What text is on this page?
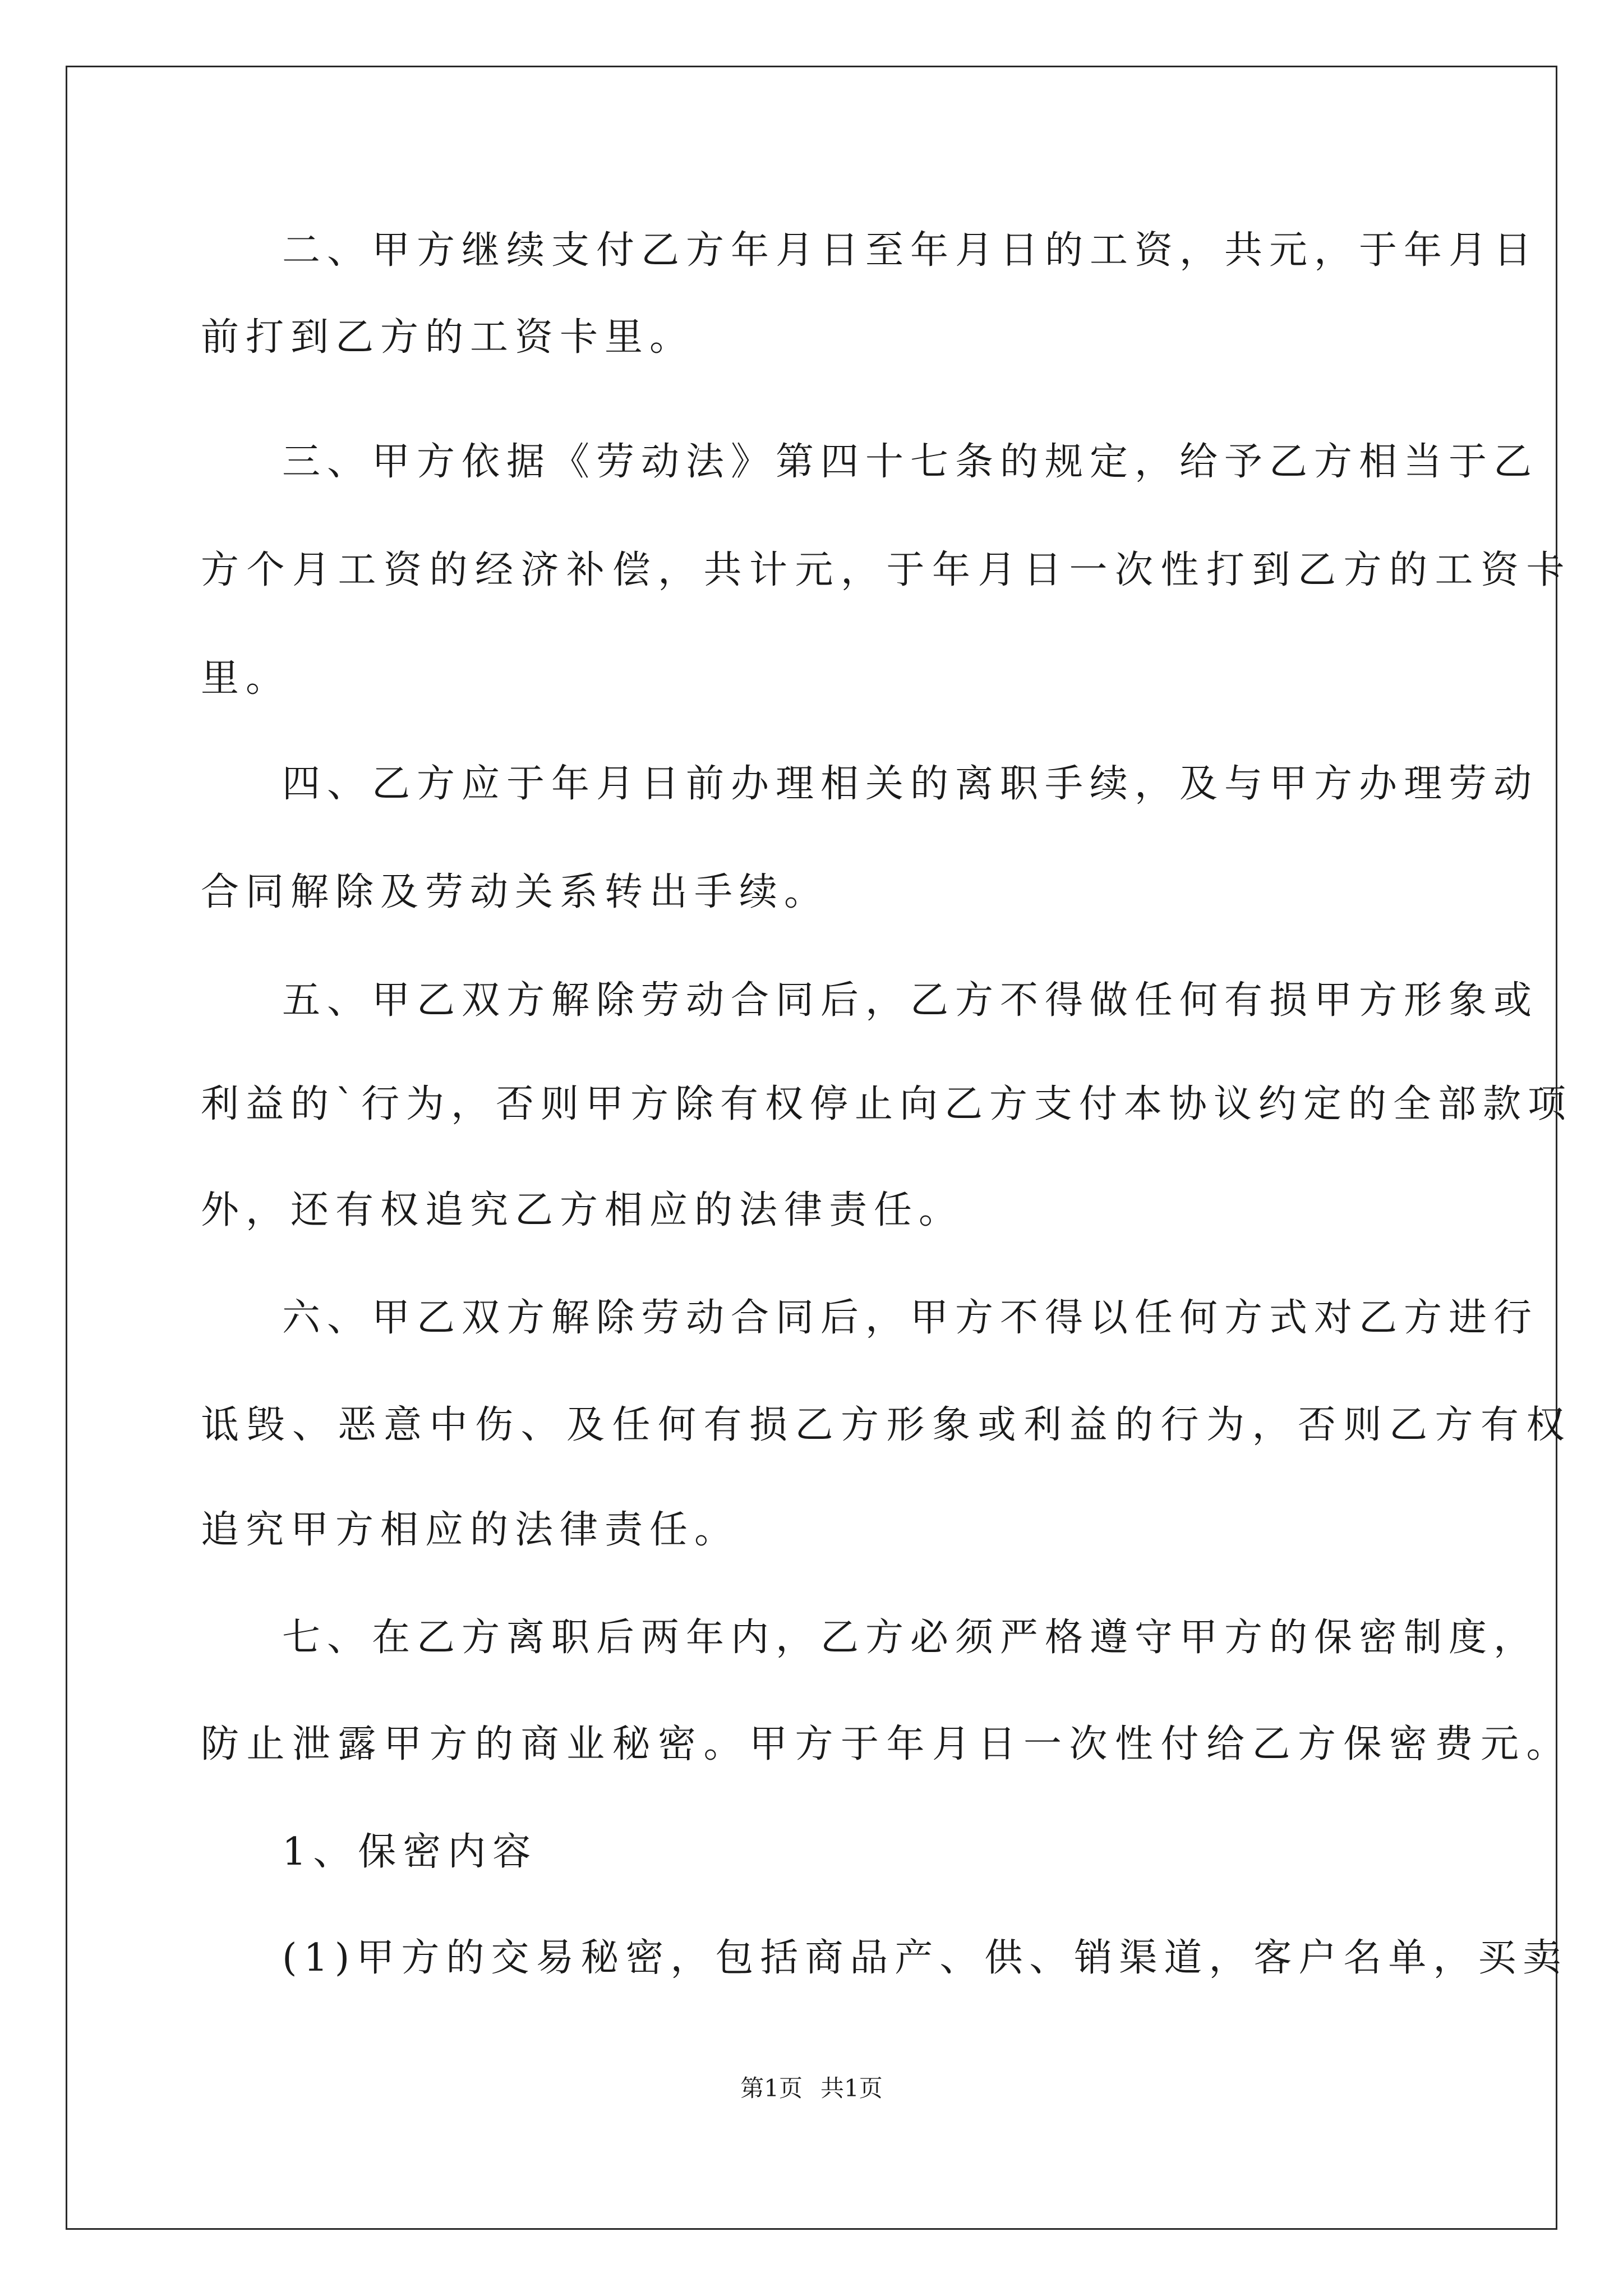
二、甲方继续支付乙方年月日至年月日的工资，共元，于年月日
前打到乙方的工资卡里。
三、甲方依据《劳动法》第四十七条的规定，给予乙方相当于乙
方个月工资的经济补偿，共计元，于年月日一次性打到乙方的工资卡
里。
四、乙方应于年月日前办理相关的离职手续，及与甲方办理劳动
合同解除及劳动关系转出手续。
五、甲乙双方解除劳动合同后，乙方不得做任何有损甲方形象或
利益的`行为，否则甲方除有权停止向乙方支付本协议约定的全部款项
外，还有权追究乙方相应的法律责任。
六、甲乙双方解除劳动合同后，甲方不得以任何方式对乙方进行
诋毁、恶意中伤、及任何有损乙方形象或利益的行为，否则乙方有权
追究甲方相应的法律责任。
七、在乙方离职后两年内，乙方必须严格遵守甲方的保密制度，
防止泄露甲方的商业秘密。甲方于年月日一次性付给乙方保密费元。
1、保密内容
(1)甲方的交易秘密，包括商品产、供、销渠道，客户名单，买卖
第1页 共1页
